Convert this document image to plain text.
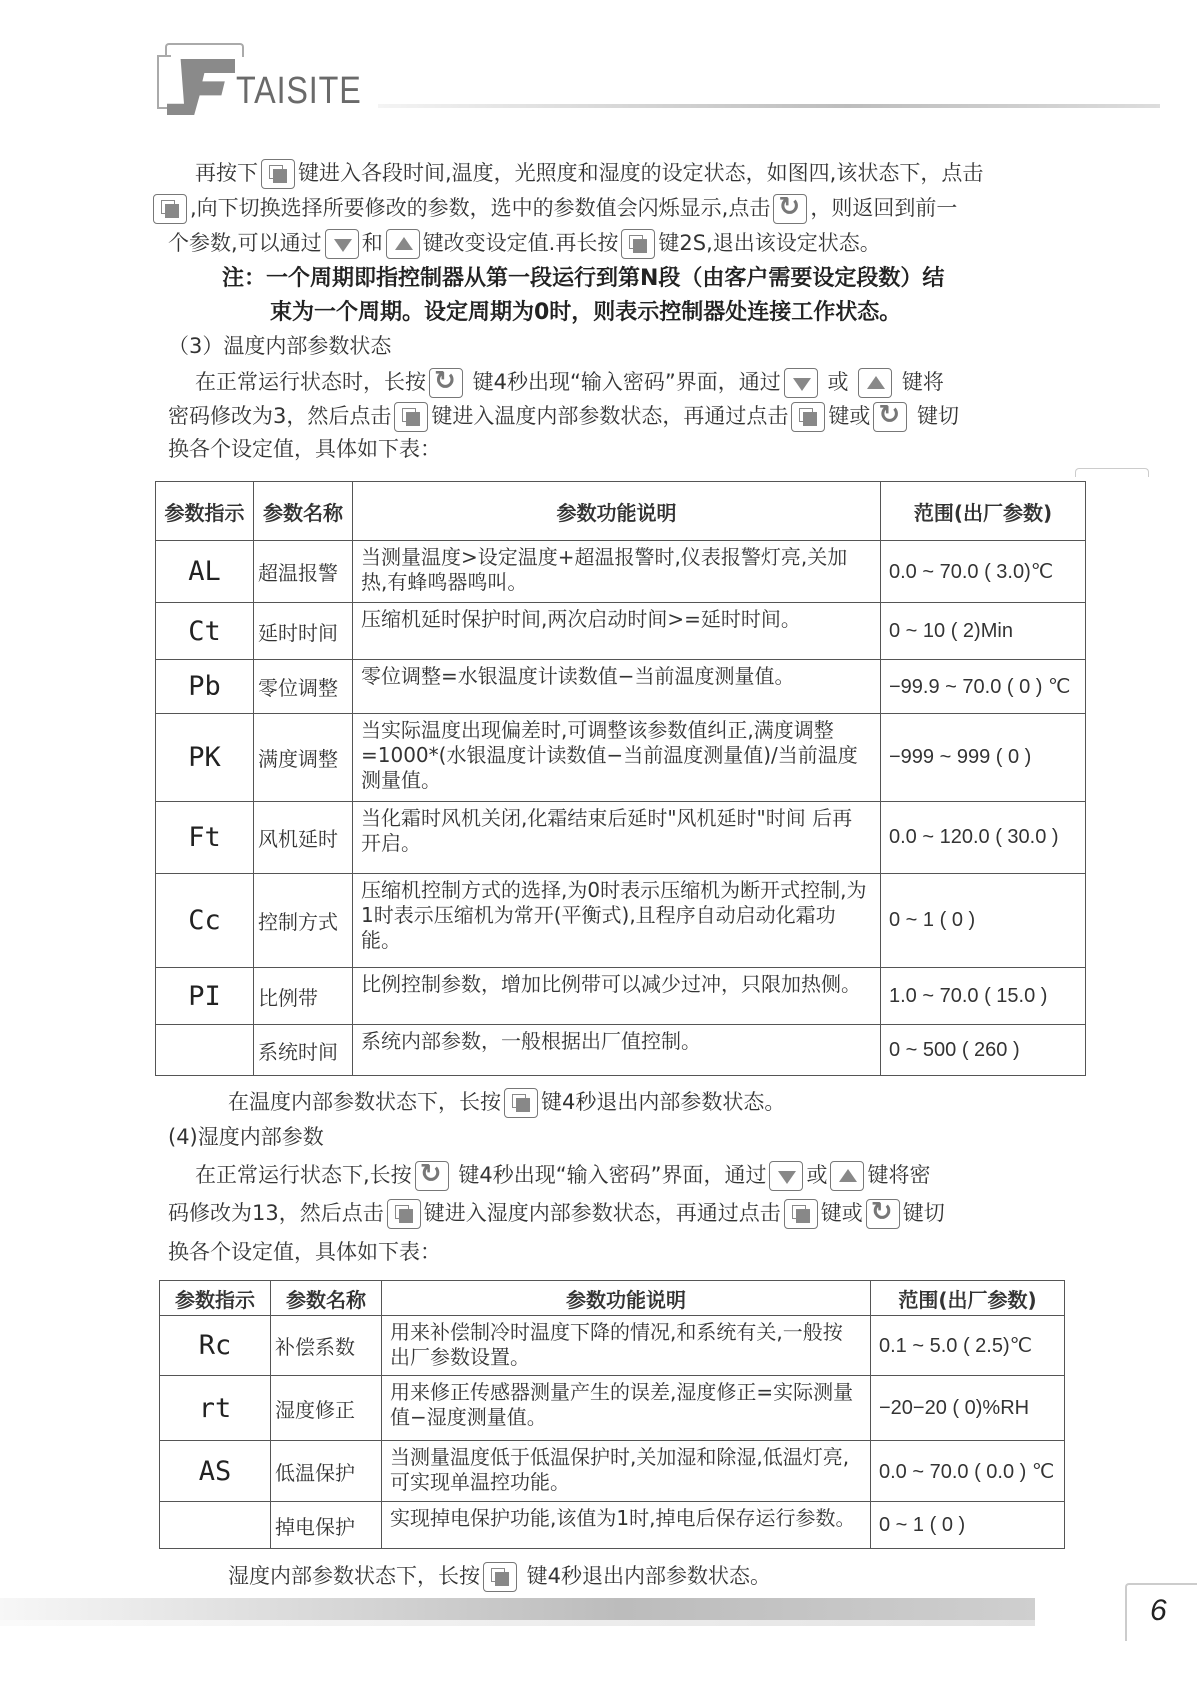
TAISITE
再按下 键进入各段时间,温度，光照度和湿度的设定状态，如图四,该状态下，点击
,向下切换选择所要修改的参数，选中的参数值会闪烁显示,点击 ↻ ，则返回到前一
个参数,可以通过 和 键改变设定值.再长按 键2S,退出该设定状态。
注：一个周期即指控制器从第一段运行到第N段（由客户需要设定段数）结
束为一个周期。设定周期为0时，则表示控制器处连接工作状态。
（3）温度内部参数状态
在正常运行状态时，长按↻ 键4秒出现“输入密码”界面，通过 或  键将
密码修改为3，然后点击 键进入温度内部参数状态，再通过点击 键或↻ 键切
换各个设定值，具体如下表：
在温度内部参数状态下，长按 键4秒退出内部参数状态。
(4)湿度内部参数
在正常运行状态下,长按↻ 键4秒出现“输入密码”界面，通过 或 键将密
码修改为13，然后点击 键进入湿度内部参数状态，再通过点击 键或 ↻ 键切
换各个设定值，具体如下表：
湿度内部参数状态下，长按 键4秒退出内部参数状态。
参数指示	参数名称	参数功能说明	范围(出厂参数)
AL	超温报警	当测量温度>设定温度+超温报警时,仪表报警灯亮,关加热,有蜂鸣器鸣叫。	0.0 ~ 70.0 ( 3.0)℃
Ct	延时时间	压缩机延时保护时间,两次启动时间>=延时时间。	0 ~ 10 ( 2)Min
Pb	零位调整	零位调整=水银温度计读数值−当前温度测量值。	−99.9 ~ 70.0 ( 0 ) ℃
PK	满度调整	当实际温度出现偏差时,可调整该参数值纠正,满度调整=1000*(水银温度计读数值−当前温度测量值)/当前温度测量值。	−999 ~ 999 ( 0 )
Ft	风机延时	当化霜时风机关闭,化霜结束后延时"风机延时"时间 后再开启。	0.0 ~ 120.0 ( 30.0 )
Cc	控制方式	压缩机控制方式的选择,为0时表示压缩机为断开式控制,为1时表示压缩机为常开(平衡式),且程序自动启动化霜功能。	0 ~ 1 ( 0 )
PI	比例带	比例控制参数，增加比例带可以减少过冲，只限加热侧。	1.0 ~ 70.0 ( 15.0 )
	系统时间	系统内部参数，一般根据出厂值控制。	0 ~ 500 ( 260 )
参数指示	参数名称	参数功能说明	范围(出厂参数)
Rc	补偿系数	用来补偿制冷时温度下降的情况,和系统有关,一般按出厂参数设置。	0.1 ~ 5.0 ( 2.5)℃
rt	湿度修正	用来修正传感器测量产生的误差,湿度修正=实际测量值−湿度测量值。	−20−20 ( 0)%RH
AS	低温保护	当测量温度低于低温保护时,关加湿和除湿,低温灯亮,可实现单温控功能。	0.0 ~ 70.0 ( 0.0 ) ℃
	掉电保护	实现掉电保护功能,该值为1时,掉电后保存运行参数。	0 ~ 1 ( 0 )
6
